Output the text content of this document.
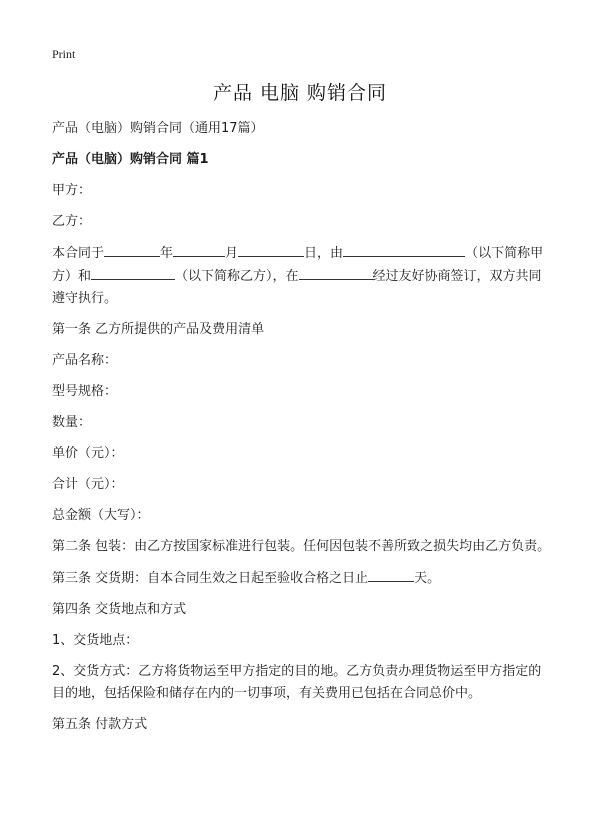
Print
产品 电脑 购销合同

产品（电脑）购销合同（通用17篇）

产品（电脑）购销合同 篇1

甲方：

乙方：

本合同于	年	月	日，由	（以下简称甲方）和	（以下简称乙方），在	经过友好协商签订，双方共同遵守执行。

第一条 乙方所提供的产品及费用清单

产品名称：

型号规格：

数量：

单价（元）：

合计（元）：

总金额（大写）：

第二条 包装：由乙方按国家标准进行包装。任何因包装不善所致之损失均由乙方负责。

第三条 交货期：自本合同生效之日起至验收合格之日止	天。

第四条 交货地点和方式

1、交货地点：

2、交货方式：乙方将货物运至甲方指定的目的地。乙方负责办理货物运至甲方指定的目的地，包括保险和储存在内的一切事项，有关费用已包括在合同总价中。

第五条 付款方式
